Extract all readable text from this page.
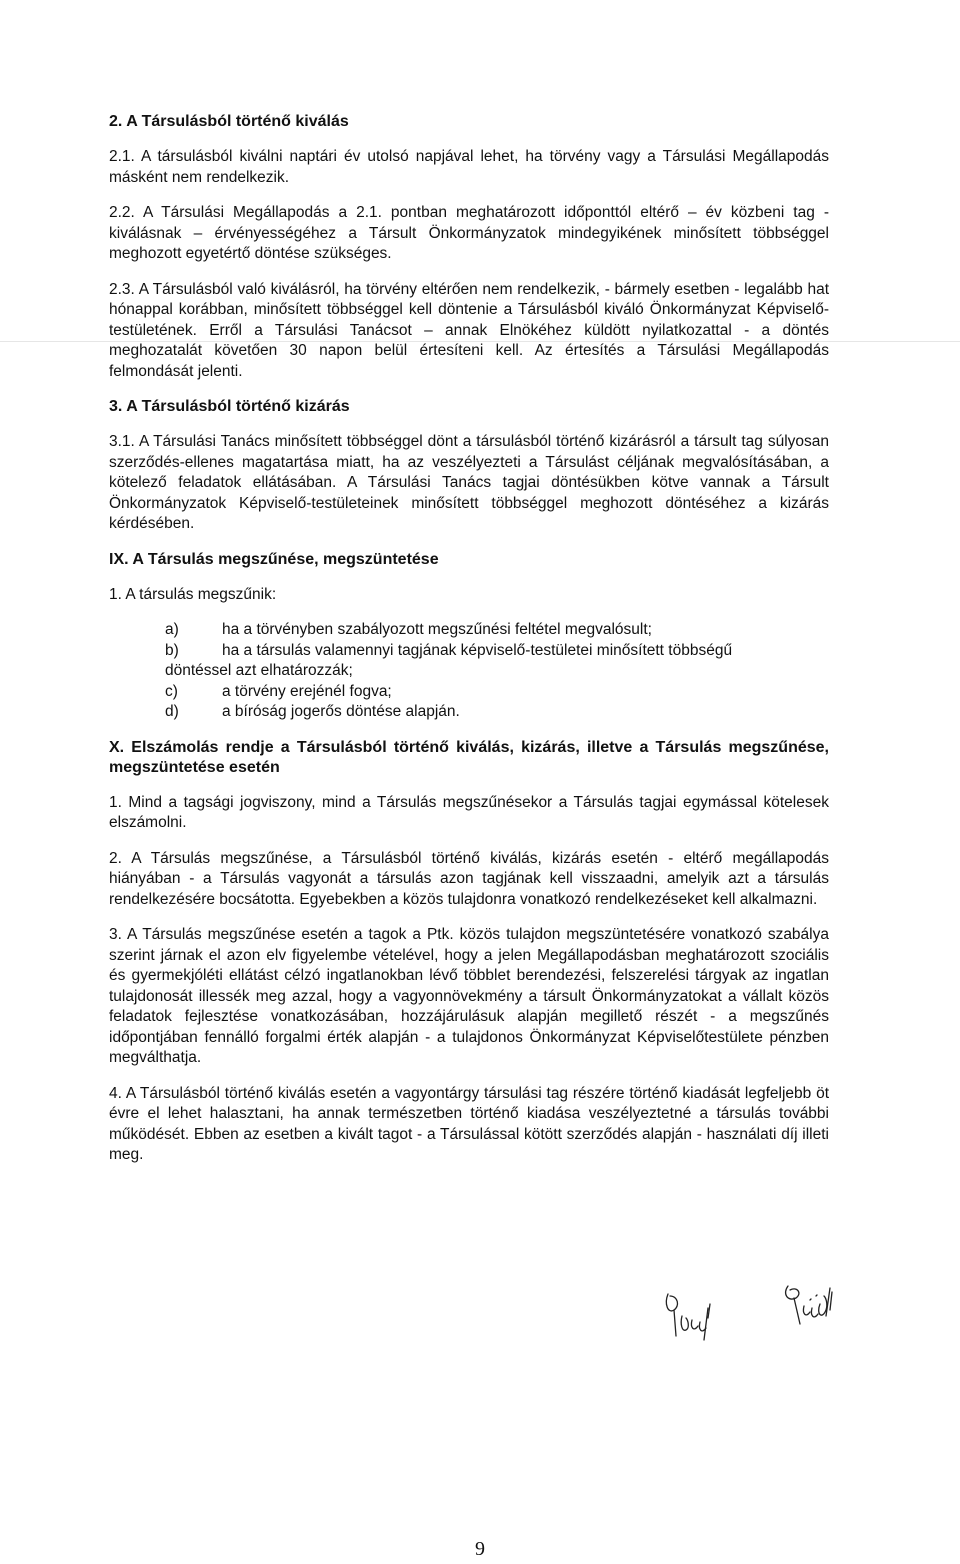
2. A Társulásból történő kiválás

2.1. A társulásból kiválni naptári év utolsó napjával lehet, ha törvény vagy a Társulási Megállapodás másként nem rendelkezik.

2.2. A Társulási Megállapodás a 2.1. pontban meghatározott időponttól eltérő – év közbeni tag - kiválásnak – érvényességéhez a Társult Önkormányzatok mindegyikének minősített többséggel meghozott egyetértő döntése szükséges.

2.3. A Társulásból való kiválásról, ha törvény eltérően nem rendelkezik, - bármely esetben - legalább hat hónappal korábban, minősített többséggel kell döntenie a Társulásból kiváló Önkormányzat Képviselő-testületének. Erről a Társulási Tanácsot – annak Elnökéhez küldött nyilatkozattal - a döntés meghozatalát követően 30 napon belül értesíteni kell. Az értesítés a Társulási Megállapodás felmondását jelenti.

3. A Társulásból történő kizárás

3.1. A Társulási Tanács minősített többséggel dönt a társulásból történő kizárásról a társult tag súlyosan szerződés-ellenes magatartása miatt, ha az veszélyezteti a Társulást céljának megvalósításában, a kötelező feladatok ellátásában. A Társulási Tanács tagjai döntésükben kötve vannak a Társult Önkormányzatok Képviselő-testületeinek minősített többséggel meghozott döntéséhez a kizárás kérdésében.

IX. A Társulás megszűnése, megszüntetése

1. A társulás megszűnik:

a)	ha a törvényben szabályozott megszűnési feltétel megvalósult;
b)	ha a társulás valamennyi tagjának képviselő-testületei minősített többségű
döntéssel azt elhatározzák;
c)	a törvény erejénél fogva;
d)	a bíróság jogerős döntése alapján.
X. Elszámolás rendje a Társulásból történő kiválás, kizárás, illetve a Társulás megszűnése, megszüntetése esetén

1. Mind a tagsági jogviszony, mind a Társulás megszűnésekor a Társulás tagjai egymással kötelesek elszámolni.

2. A Társulás megszűnése, a Társulásból történő kiválás, kizárás esetén - eltérő megállapodás hiányában - a Társulás vagyonát a társulás azon tagjának kell visszaadni, amelyik azt a társulás rendelkezésére bocsátotta. Egyebekben a közös tulajdonra vonatkozó rendelkezéseket kell alkalmazni.

3. A Társulás megszűnése esetén a tagok a Ptk. közös tulajdon megszüntetésére vonatkozó szabálya szerint járnak el azon elv figyelembe vételével, hogy a jelen Megállapodásban meghatározott szociális és gyermekjóléti ellátást célzó ingatlanokban lévő többlet berendezési, felszerelési tárgyak az ingatlan tulajdonosát illessék meg azzal, hogy a vagyonnövekmény a társult Önkormányzatokat a vállalt közös feladatok fejlesztése vonatkozásában, hozzájárulásuk alapján megillető részét - a megszűnés időpontjában fennálló forgalmi érték alapján - a tulajdonos Önkormányzat Képviselőtestülete pénzben megválthatja.

4. A Társulásból történő kiválás esetén a vagyontárgy társulási tag részére történő kiadását legfeljebb öt évre el lehet halasztani, ha annak természetben történő kiadása veszélyeztetné a társulás további működését. Ebben az esetben a kivált tagot - a Társulással kötött szerződés alapján - használati díj illeti meg.

9
